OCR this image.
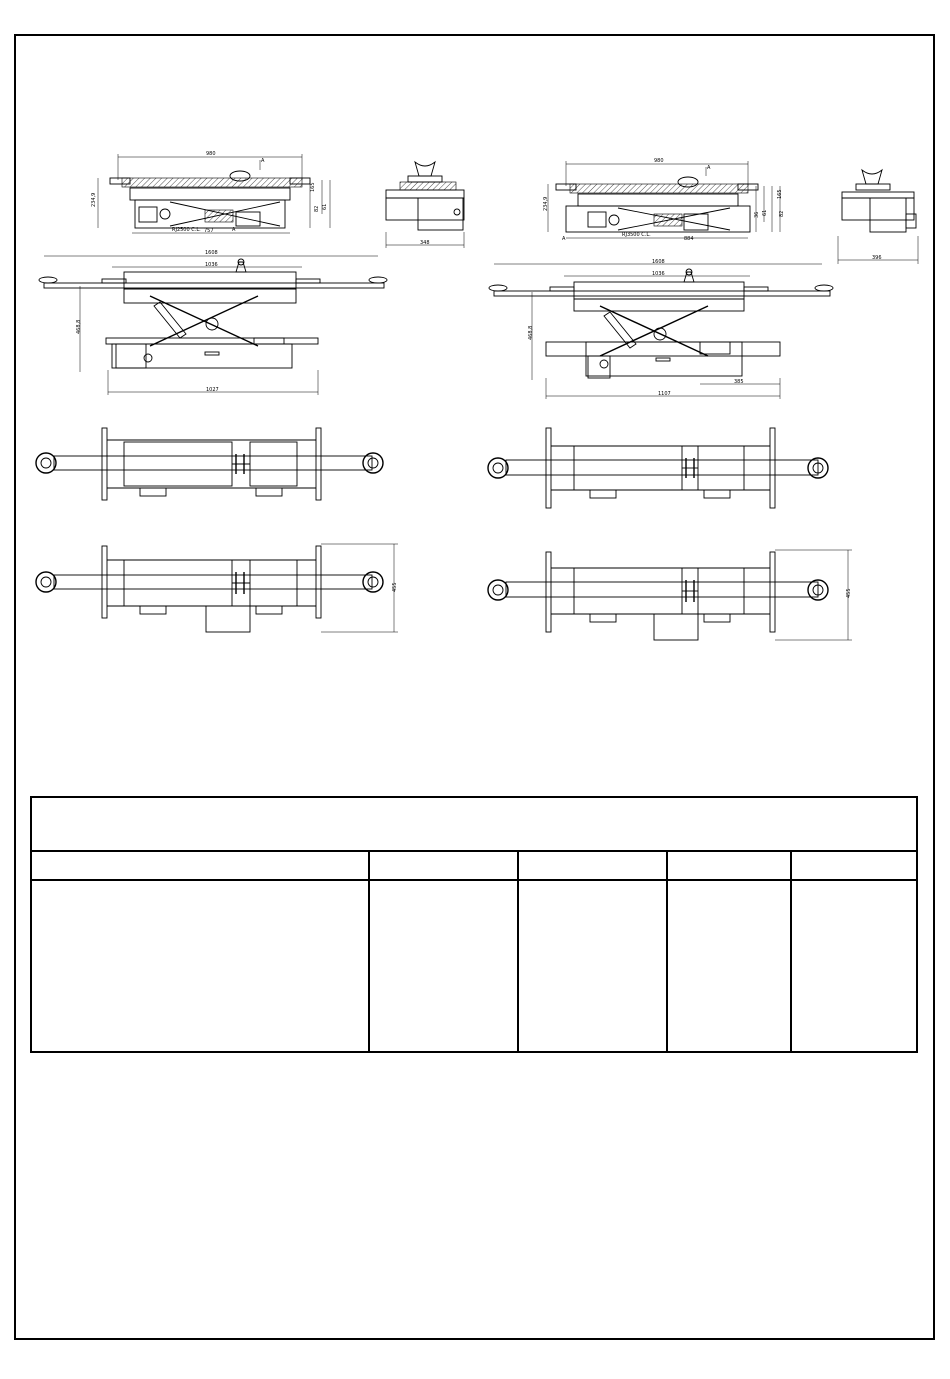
980
A
234,9
165
82 61
757
RJ2500 C.L.	A
348
1608
1036
468,8
1027
455
980
A
234,9
165
82
36 61
884
RJ3500 C.L.
A
396
1608
1036
468,8
385
1107
455
